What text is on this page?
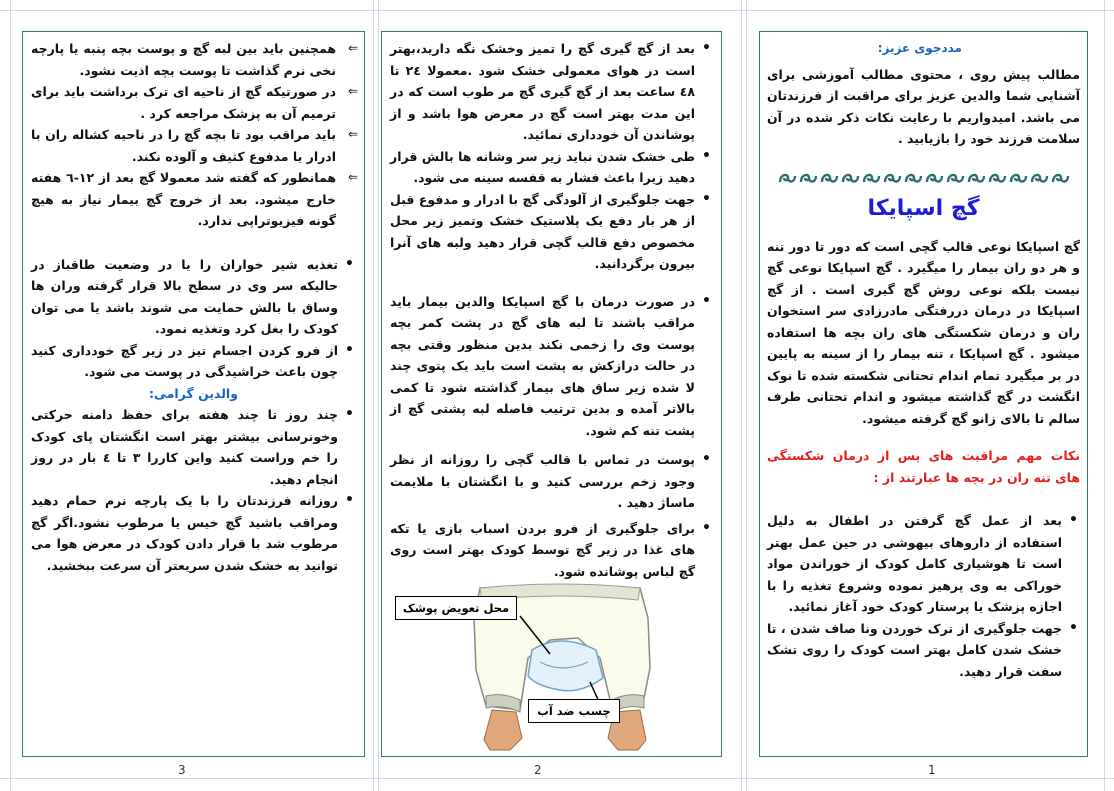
مددجوی عزیز:

مطالب پیش روی ، محتوی مطالب آموزشی برای آشنایی شما والدین عزیز برای مراقبت از فرزندتان می باشد. امیدواریم با رعایت نکات ذکر شده در آن سلامت فرزند خود را بازیابید .

گچ اسپایکا

گچ اسپایکا نوعی قالب گچی است که دور تا دور تنه و هر دو ران بیمار را میگیرد . گچ اسپایکا نوعی گچ نیست بلکه نوعی روش گچ گیری است . از گچ اسپایکا در درمان دررفتگی مادرزادی سر استخوان ران و درمان شکستگی های ران بچه ها استفاده میشود . گچ اسپایکا ، تنه بیمار را از سینه به پایین در بر میگیرد تمام اندام تحتانی شکسته شده تا نوک انگشت در گچ گذاشته میشود و اندام تحتانی طرف سالم تا بالای زانو گچ گرفته میشود.

نکات مهم مراقبت های پس از درمان شکستگی های تنه ران در بچه ها عبارتند از :

• بعد از عمل گچ گرفتن در اطفال به دلیل استفاده از داروهای بیهوشی در حین عمل بهتر است تا هوشیاری کامل کودک از خوراندن مواد خوراکی به وی پرهیز نموده وشروع تغذیه را با اجازه پزشک یا پرستار کودک خود آغاز نمائید.
• جهت جلوگیری از ترک خوردن ونا صاف شدن ، تا خشک شدن کامل بهتر است کودک را روی تشک سفت قرار دهید.
1
• بعد از گچ گیری گچ را تمیز وخشک نگه دارید،بهتر است در هوای معمولی خشک شود .معمولا ٢٤ تا ٤٨ ساعت بعد از گچ گیری گچ مر طوب است که در این مدت بهتر است گچ در معرض هوا باشد و از پوشاندن آن خودداری نمائید.
• طی خشک شدن نباید زیر سر وشانه ها بالش قرار دهید زیرا باعث فشار به قفسه سینه می شود.
• جهت جلوگیری از آلودگی گچ با ادرار و مدفوع قبل از هر بار دفع یک پلاستیک خشک وتمیز زیر محل مخصوص دفع قالب گچی قرار دهید ولبه های آنرا بیرون برگردانید.
• در صورت درمان با گچ اسپایکا والدین بیمار باید مراقب باشند تا لبه های گچ در پشت کمر بچه پوست وی را زخمی نکند بدین منظور وقتی بچه در حالت درازکش به پشت است باید یک پتوی چند لا شده زیر ساق های بیمار گذاشته شود تا کمی بالاتر آمده و بدین ترتیب فاصله لبه پشتی گچ از پشت تنه کم شود.
• پوست در تماس با قالب گچی را روزانه از نظر وجود زخم بررسی کنید و با انگشتان با ملایمت ماساژ دهید .
• برای جلوگیری از فرو بردن اسباب بازی یا تکه های غذا در زیر گچ توسط کودک بهتر است روی گچ لباس پوشانده شود.
محل تعویض پوشک
چسب ضد آب
2
⇐ همچنین باید بین لبه گچ و پوست بچه پنبه یا پارچه نخی نرم گذاشت تا پوست بچه اذیت نشود.
⇐ در صورتیکه گچ از ناحیه ای ترک برداشت باید برای ترمیم آن به پزشک مراجعه کرد .
⇐ باید مراقب بود تا بچه گچ را در ناحیه کشاله ران با ادرار یا مدفوع کثیف و آلوده نکند.
⇐ همانطور که گفته شد معمولا گچ بعد از ١٢-٦ هفته خارج میشود. بعد از خروج گچ بیمار نیاز به هیچ گونه فیزیوتراپی ندارد.
• تغذیه شیر خواران را یا در وضعیت طاقباز در حالیکه سر وی در سطح بالا قرار گرفته وران ها وساق با بالش حمایت می شوند باشد یا می توان کودک را بغل کرد وتغذیه نمود.
• از فرو کردن اجسام تیز در زیر گچ خودداری کنید چون باعث خراشیدگی در پوست می شود.

والدین گرامی:

• چند روز تا چند هفته برای حفظ دامنه حرکتی وخونرسانی بیشتر بهتر است انگشتان پای کودک را خم وراست کنید واین کاررا ٣ تا ٤ بار در روز انجام دهید.
• روزانه فرزندتان را با یک پارچه نرم حمام دهید ومراقب باشید گچ خیس یا مرطوب نشود.اگر گچ مرطوب شد با قرار دادن کودک در معرض هوا می توانید به خشک شدن سریعتر آن سرعت ببخشید.
3
